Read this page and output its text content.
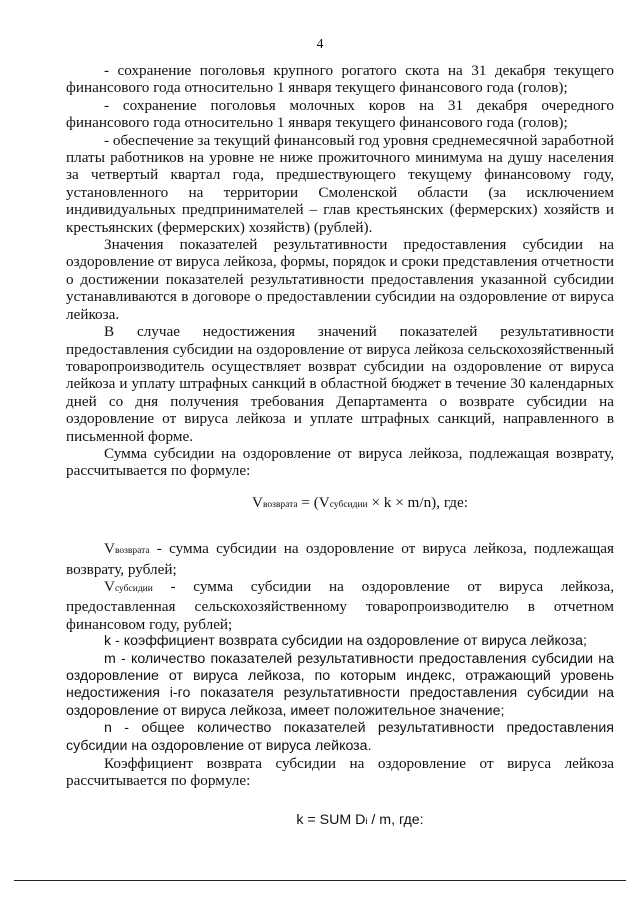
4

- сохранение поголовья крупного рогатого скота на 31 декабря текущего финансового года относительно 1 января текущего финансового года (голов);

- сохранение поголовья молочных коров на 31 декабря очередного финансового года относительно 1 января текущего финансового года (голов);

- обеспечение за текущий финансовый год уровня среднемесячной заработной платы работников на уровне не ниже прожиточного минимума на душу населения за четвертый квартал года, предшествующего текущему финансовому году, установленного на территории Смоленской области (за исключением индивидуальных предпринимателей – глав крестьянских (фермерских) хозяйств и крестьянских (фермерских) хозяйств) (рублей).

Значения показателей результативности предоставления субсидии на оздоровление от вируса лейкоза, формы, порядок и сроки представления отчетности о достижении показателей результативности предоставления указанной субсидии устанавливаются в договоре о предоставлении субсидии на оздоровление от вируса лейкоза.

В случае недостижения значений показателей результативности предоставления субсидии на оздоровление от вируса лейкоза сельскохозяйственный товаропроизводитель осуществляет возврат субсидии на оздоровление от вируса лейкоза и уплату штрафных санкций в областной бюджет в течение 30 календарных дней со дня получения требования Департамента о возврате субсидии на оздоровление от вируса лейкоза и уплате штрафных санкций, направленного в письменной форме.

Сумма субсидии на оздоровление от вируса лейкоза, подлежащая возврату, рассчитывается по формуле:

Vвозврата = (Vсубсидии × k × m/n), где:

Vвозврата - сумма субсидии на оздоровление от вируса лейкоза, подлежащая возврату, рублей;

Vсубсидии - сумма субсидии на оздоровление от вируса лейкоза, предоставленная сельскохозяйственному товаропроизводителю в отчетном финансовом году, рублей;

k - коэффициент возврата субсидии на оздоровление от вируса лейкоза;

m - количество показателей результативности предоставления субсидии на оздоровление от вируса лейкоза, по которым индекс, отражающий уровень недостижения i-го показателя результативности предоставления субсидии на оздоровление от вируса лейкоза, имеет положительное значение;

n - общее количество показателей результативности предоставления субсидии на оздоровление от вируса лейкоза.

Коэффициент возврата субсидии на оздоровление от вируса лейкоза рассчитывается по формуле:

k = SUM Di / m, где:
